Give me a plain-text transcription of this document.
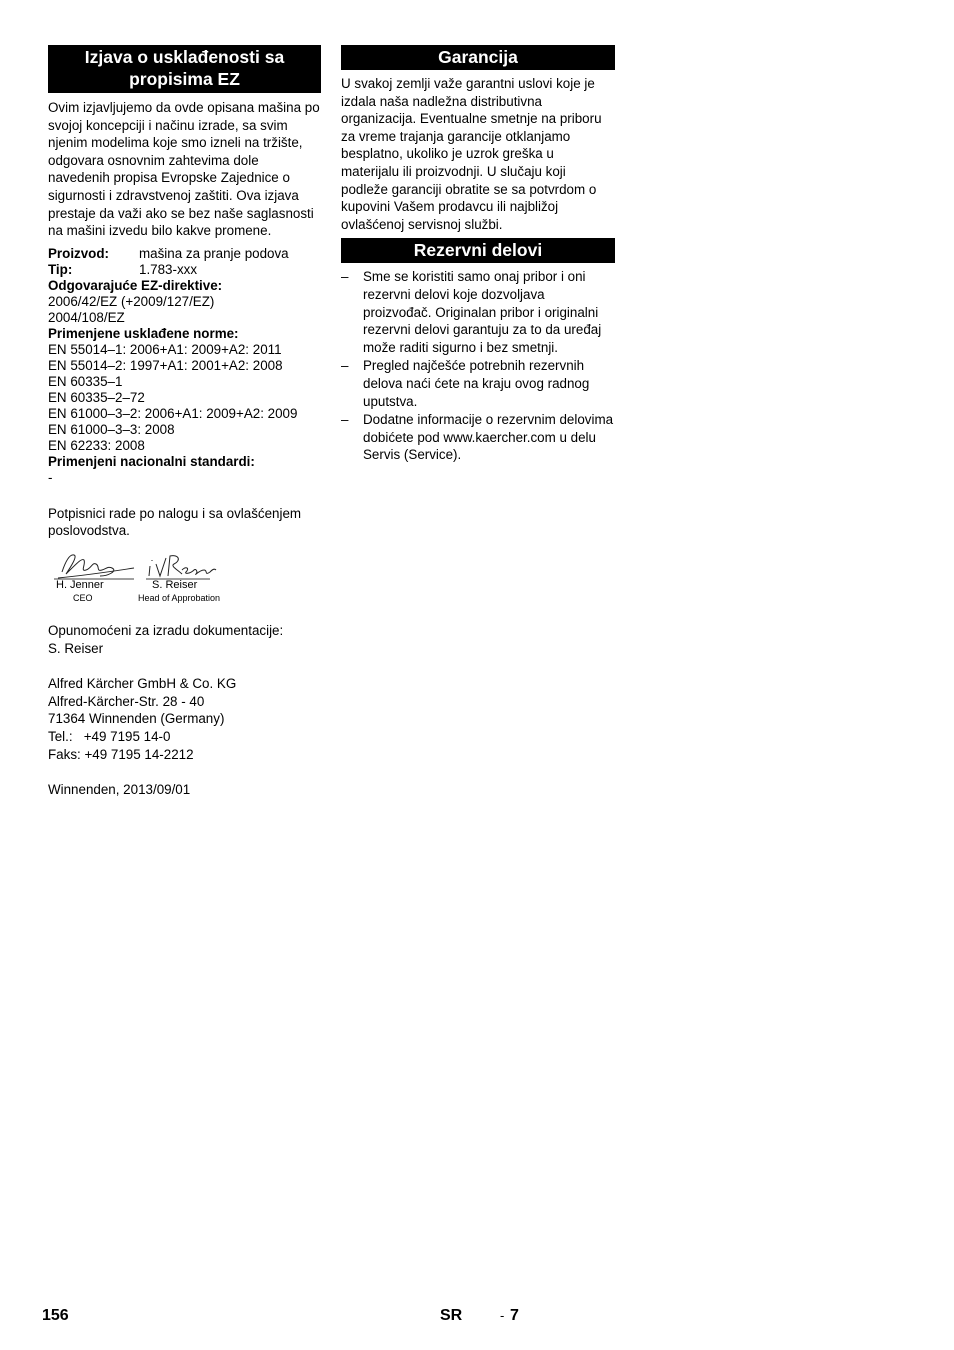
Izjava o usklađenosti sa propisima EZ

Ovim izjavljujemo da ovde opisana mašina po svojoj koncepciji i načinu izrade, sa svim njenim modelima koje smo izneli na tržište, odgovara osnovnim zahtevima dole navedenih propisa Evropske Zajednice o sigurnosti i zdravstvenoj zaštiti. Ova izjava prestaje da važi ako se bez naše saglasnosti na mašini izvedu bilo kakve promene.

Proizvod:	mašina za pranje podova
Tip:	1.783-xxx
Odgovarajuće EZ-direktive:
2006/42/EZ (+2009/127/EZ)
2004/108/EZ
Primenjene usklađene norme:
EN 55014–1: 2006+A1: 2009+A2: 2011
EN 55014–2: 1997+A1: 2001+A2: 2008
EN 60335–1
EN 60335–2–72
EN 61000–3–2: 2006+A1: 2009+A2: 2009
EN 61000–3–3: 2008
EN 62233: 2008
Primenjeni nacionalni standardi:
-

Potpisnici rade po nalogu i sa ovlašćenjem poslovodstva.

H. Jenner
CEO
S. Reiser
Head of Approbation
Opunomoćeni za izradu dokumentacije:
S. Reiser
Alfred Kärcher GmbH & Co. KG
Alfred-Kärcher-Str. 28 - 40
71364 Winnenden (Germany)
Tel.:   +49 7195 14-0
Faks: +49 7195 14-2212
Winnenden, 2013/09/01
Garancija

U svakoj zemlji važe garantni uslovi koje je izdala naša nadležna distributivna organizacija. Eventualne smetnje na priboru za vreme trajanja garancije otklanjamo besplatno, ukoliko je uzrok greška u materijalu ili proizvodnji. U slučaju koji podleže garanciji obratite se sa potvrdom o kupovini Vašem prodavcu ili najbližoj ovlašćenoj servisnoj službi.

Rezervni delovi
– Sme se koristiti samo onaj pribor i oni rezervni delovi koje dozvoljava proizvođač. Originalan pribor i originalni rezervni delovi garantuju za to da uređaj može raditi sigurno i bez smetnji.
– Pregled najčešće potrebnih rezervnih delova naći ćete na kraju ovog radnog uputstva.
– Dodatne informacije o rezervnim delovima dobićete pod www.kaercher.com u delu Servis (Service).
156	SR	- 7
